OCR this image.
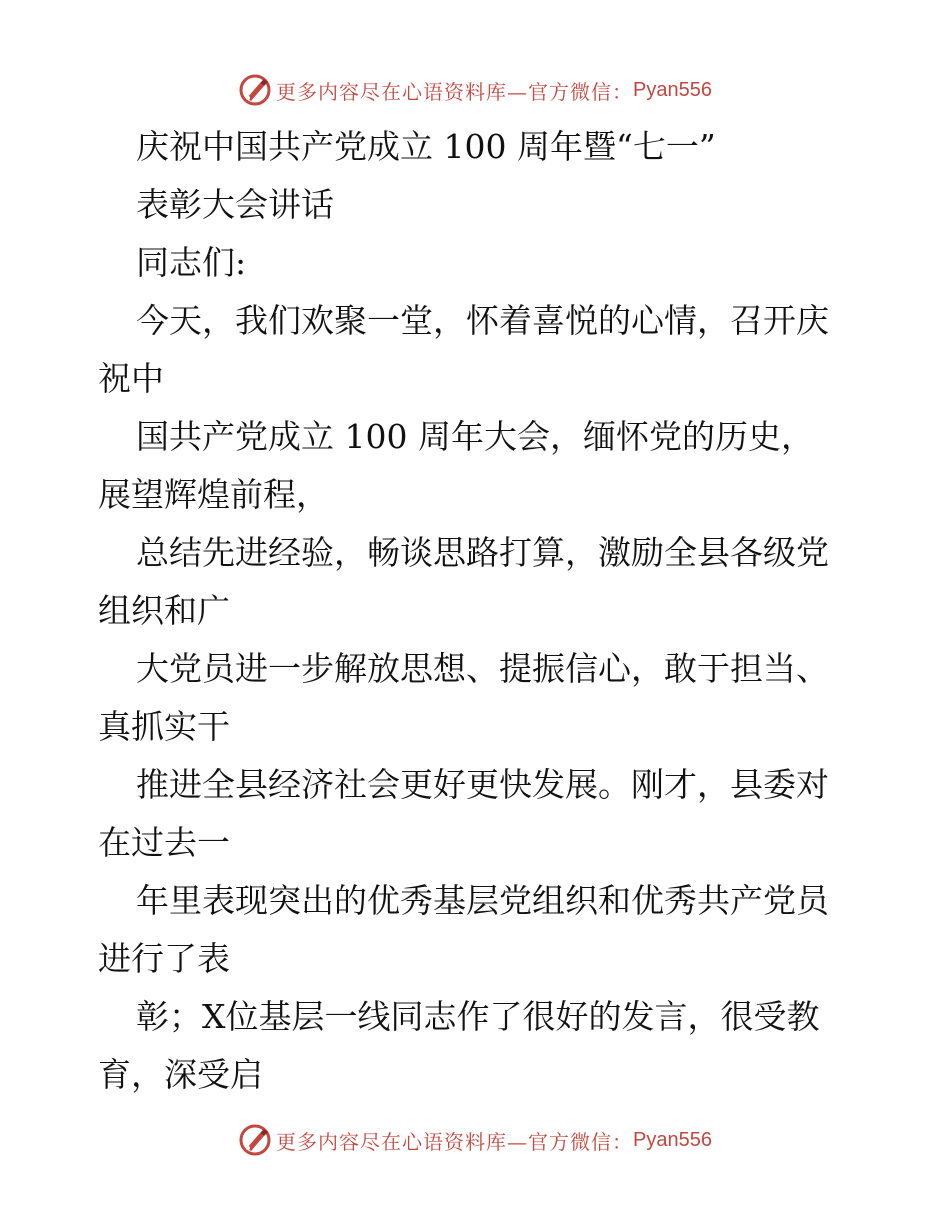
更多内容尽在心语资料库—官方微信： Pyan556
庆祝中国共产党成立 100 周年暨“七一”
表彰大会讲话
同志们:
今天，我们欢聚一堂，怀着喜悦的心情，召开庆
祝中
国共产党成立 100 周年大会，缅怀党的历史，
展望辉煌前程，
总结先进经验，畅谈思路打算，激励全县各级党
组织和广
大党员进一步解放思想、提振信心，敢于担当、
真抓实干
推进全县经济社会更好更快发展。刚才，县委对
在过去一
年里表现突出的优秀基层党组织和优秀共产党员
进行了表
彰；X位基层一线同志作了很好的发言，很受教
育，深受启
更多内容尽在心语资料库—官方微信： Pyan556
